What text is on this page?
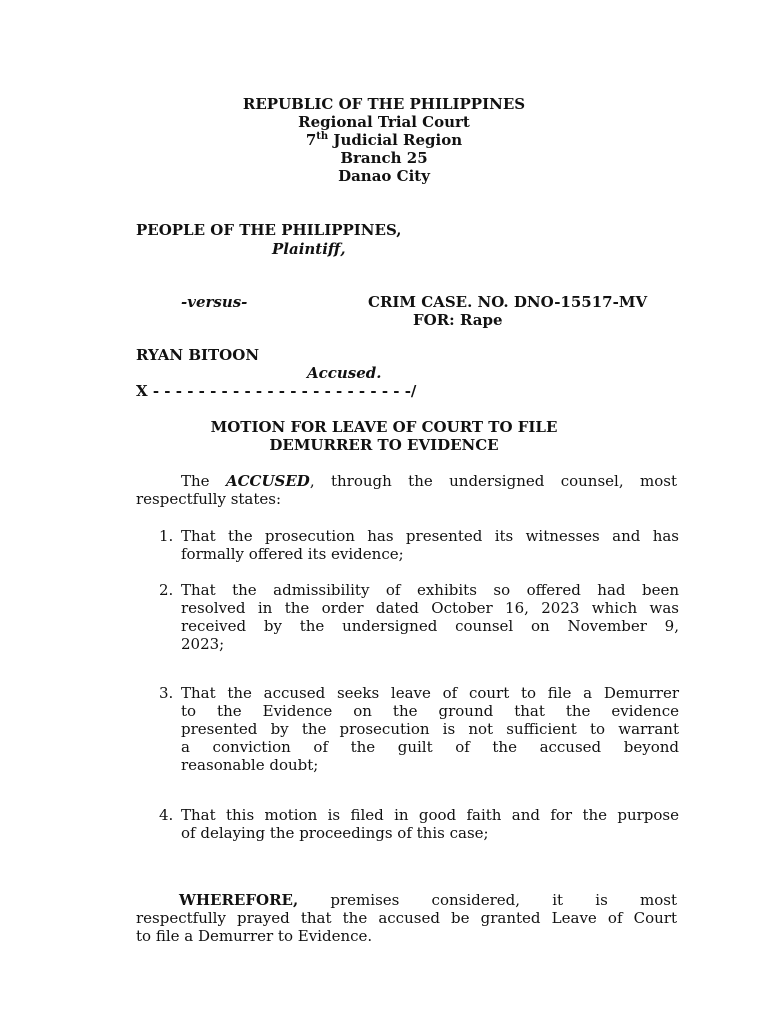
REPUBLIC OF THE PHILIPPINES
Regional Trial Court
7th Judicial Region
Branch 25
Danao City
PEOPLE OF THE PHILIPPINES,
Plaintiff,
-versus-	CRIM CASE. NO. DNO-15517-MV
FOR: Rape
RYAN BITOON
Accused.
X - - - - - - - - - - - - - - - - - - - - - - -/
MOTION FOR LEAVE OF COURT TO FILE
DEMURRER TO EVIDENCE
The ACCUSED, through the undersigned counsel, most
respectfully states:
1. That the prosecution has presented its witnesses and has
formally offered its evidence;
2. That the admissibility of exhibits so offered had been
resolved in the order dated October 16, 2023 which was
received by the undersigned counsel on November 9,
2023;
3. That the accused seeks leave of court to file a Demurrer
to the Evidence on the ground that the evidence
presented by the prosecution is not sufficient to warrant
a conviction of the guilt of the accused beyond
reasonable doubt;
4. That this motion is filed in good faith and for the purpose
of delaying the proceedings of this case;
WHEREFORE, premises considered, it is most
respectfully prayed that the accused be granted Leave of Court
to file a Demurrer to Evidence.
